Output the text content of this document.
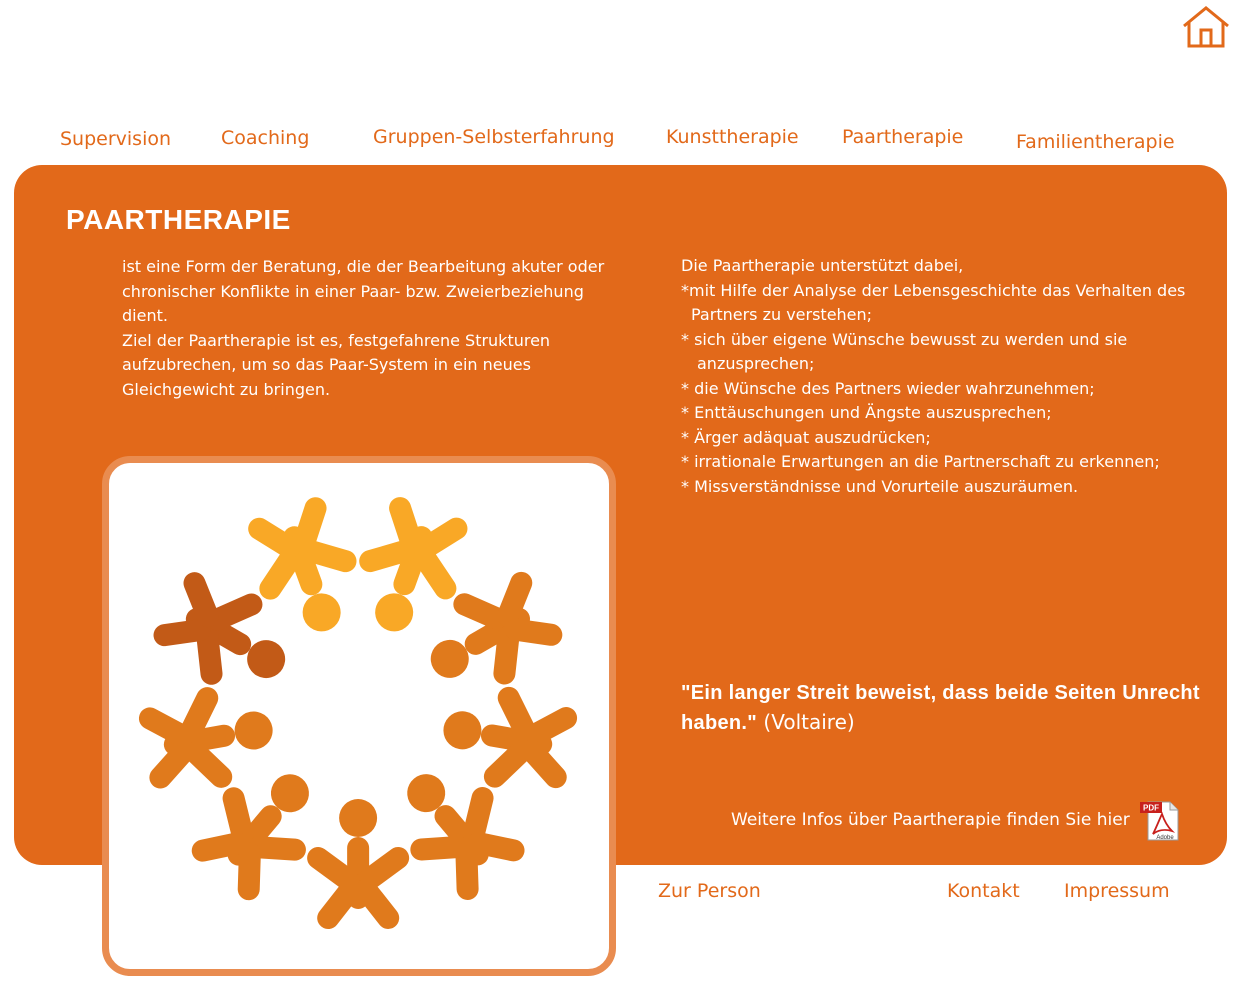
Supervision	Coaching	Gruppen-Selbsterfahrung	Kunsttherapie Paartherapie	Familientherapie
PAARTHERAPIE

ist eine Form der Beratung, die der Bearbeitung akuter oder chronischer Konflikte in einer Paar- bzw. Zweierbeziehung dient.

Ziel der Paartherapie ist es, festgefahrene Strukturen aufzubrechen, um so das Paar-System in ein neues Gleichgewicht zu bringen.

Die Paartherapie unterstützt dabei,

*mit Hilfe der Analyse der Lebensgeschichte das Verhalten des Partners zu verstehen;
* sich über eigene Wünsche bewusst zu werden und sie anzusprechen;
* die Wünsche des Partners wieder wahrzunehmen;
* Enttäuschungen und Ängste auszusprechen;
* Ärger adäquat auszudrücken;
* irrationale Erwartungen an die Partnerschaft zu erkennen;
* Missverständnisse und Vorurteile auszuräumen.

"Ein langer Streit beweist, dass beide Seiten Unrecht haben." (Voltaire)

Weitere Infos über Paartherapie finden Sie hier
PDF
Adobe
Zur Person	Kontakt Impressum
